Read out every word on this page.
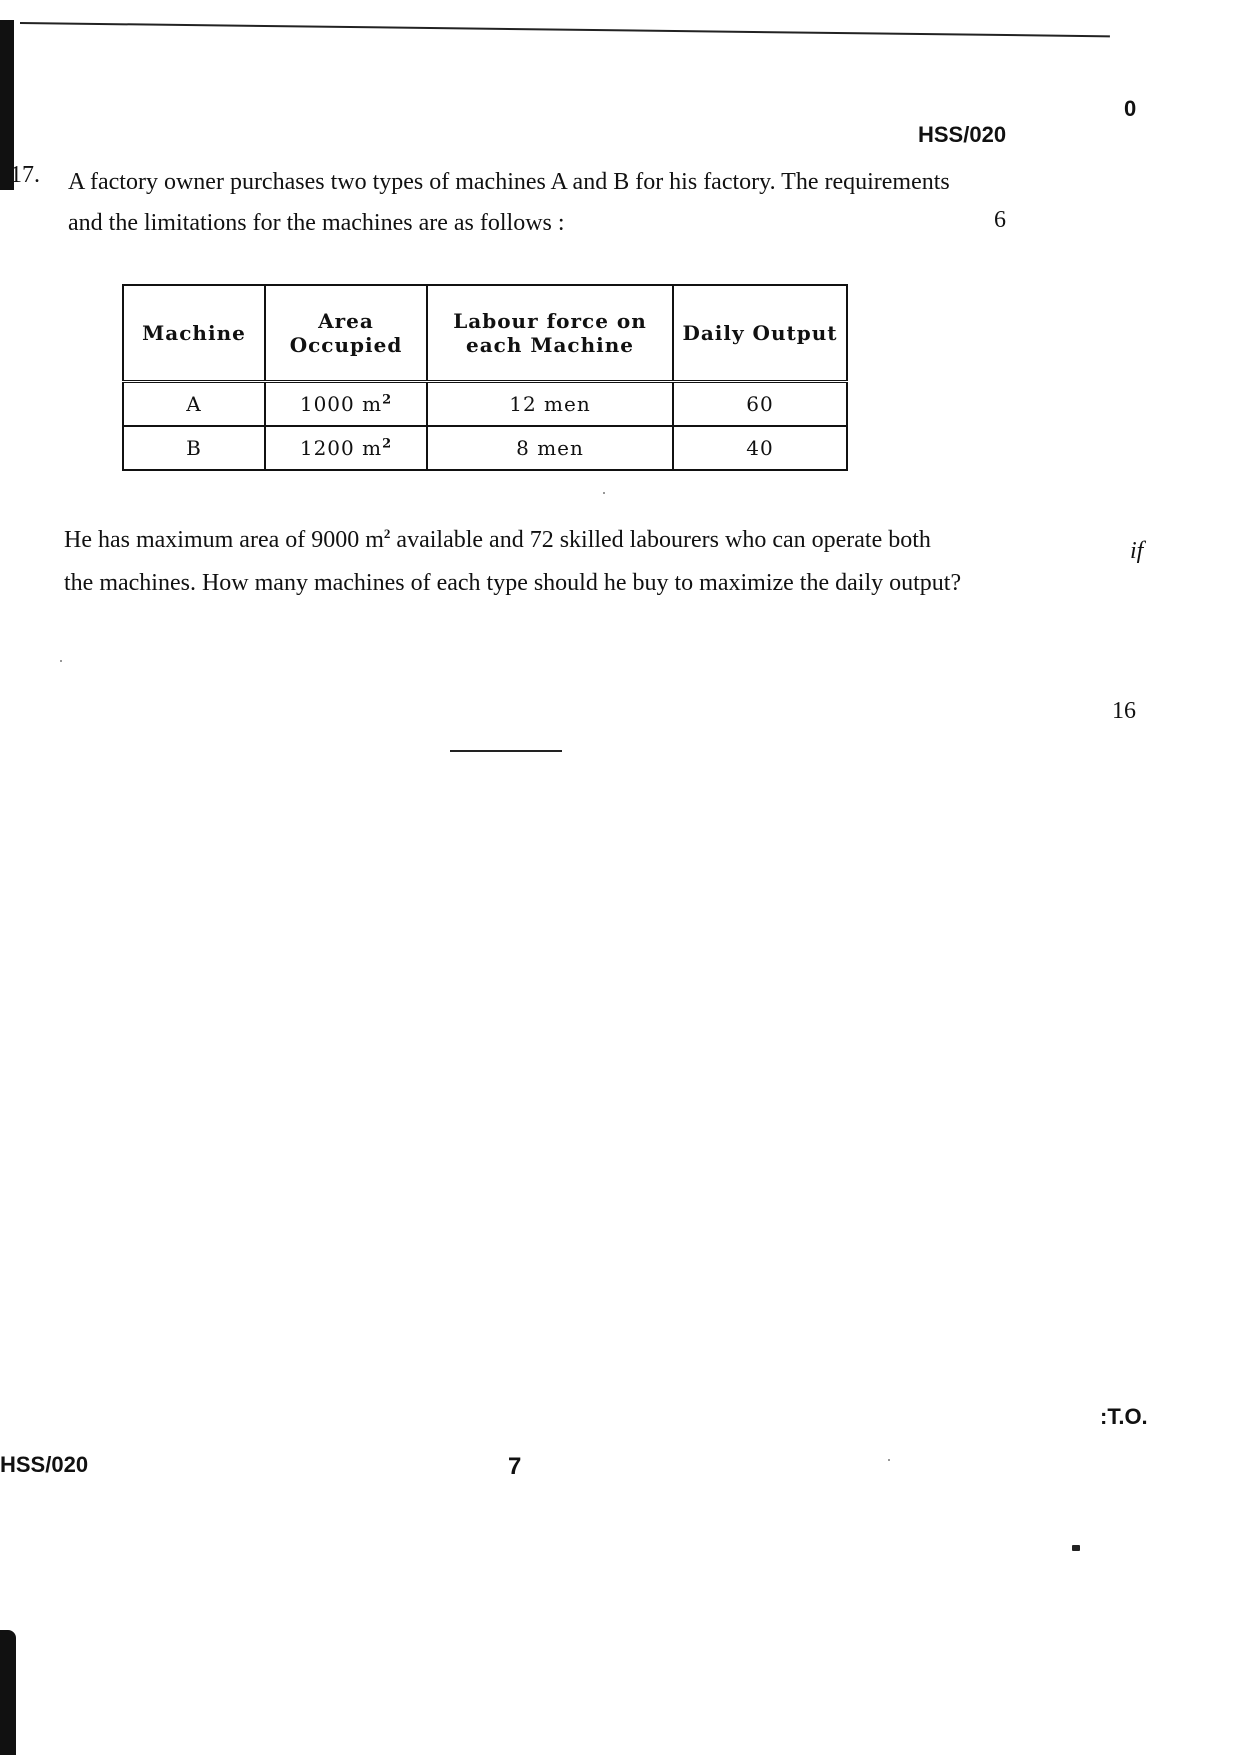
0
HSS/020
17. A factory owner purchases two types of machines A and B for his factory. The requirements
and the limitations for the machines are as follows :	6
Machine	Area Occupied	Labour force on each Machine	Daily Output
A	1000 $m^2$	12 men	60
B	1200 $m^2$	8 men	40
He has maximum area of 9000 $m^2$ available and 72 skilled labourers who can operate both
the machines. How many machines of each type should he buy to maximize the daily output?
if
16
:T.O.
HSS/020	7
